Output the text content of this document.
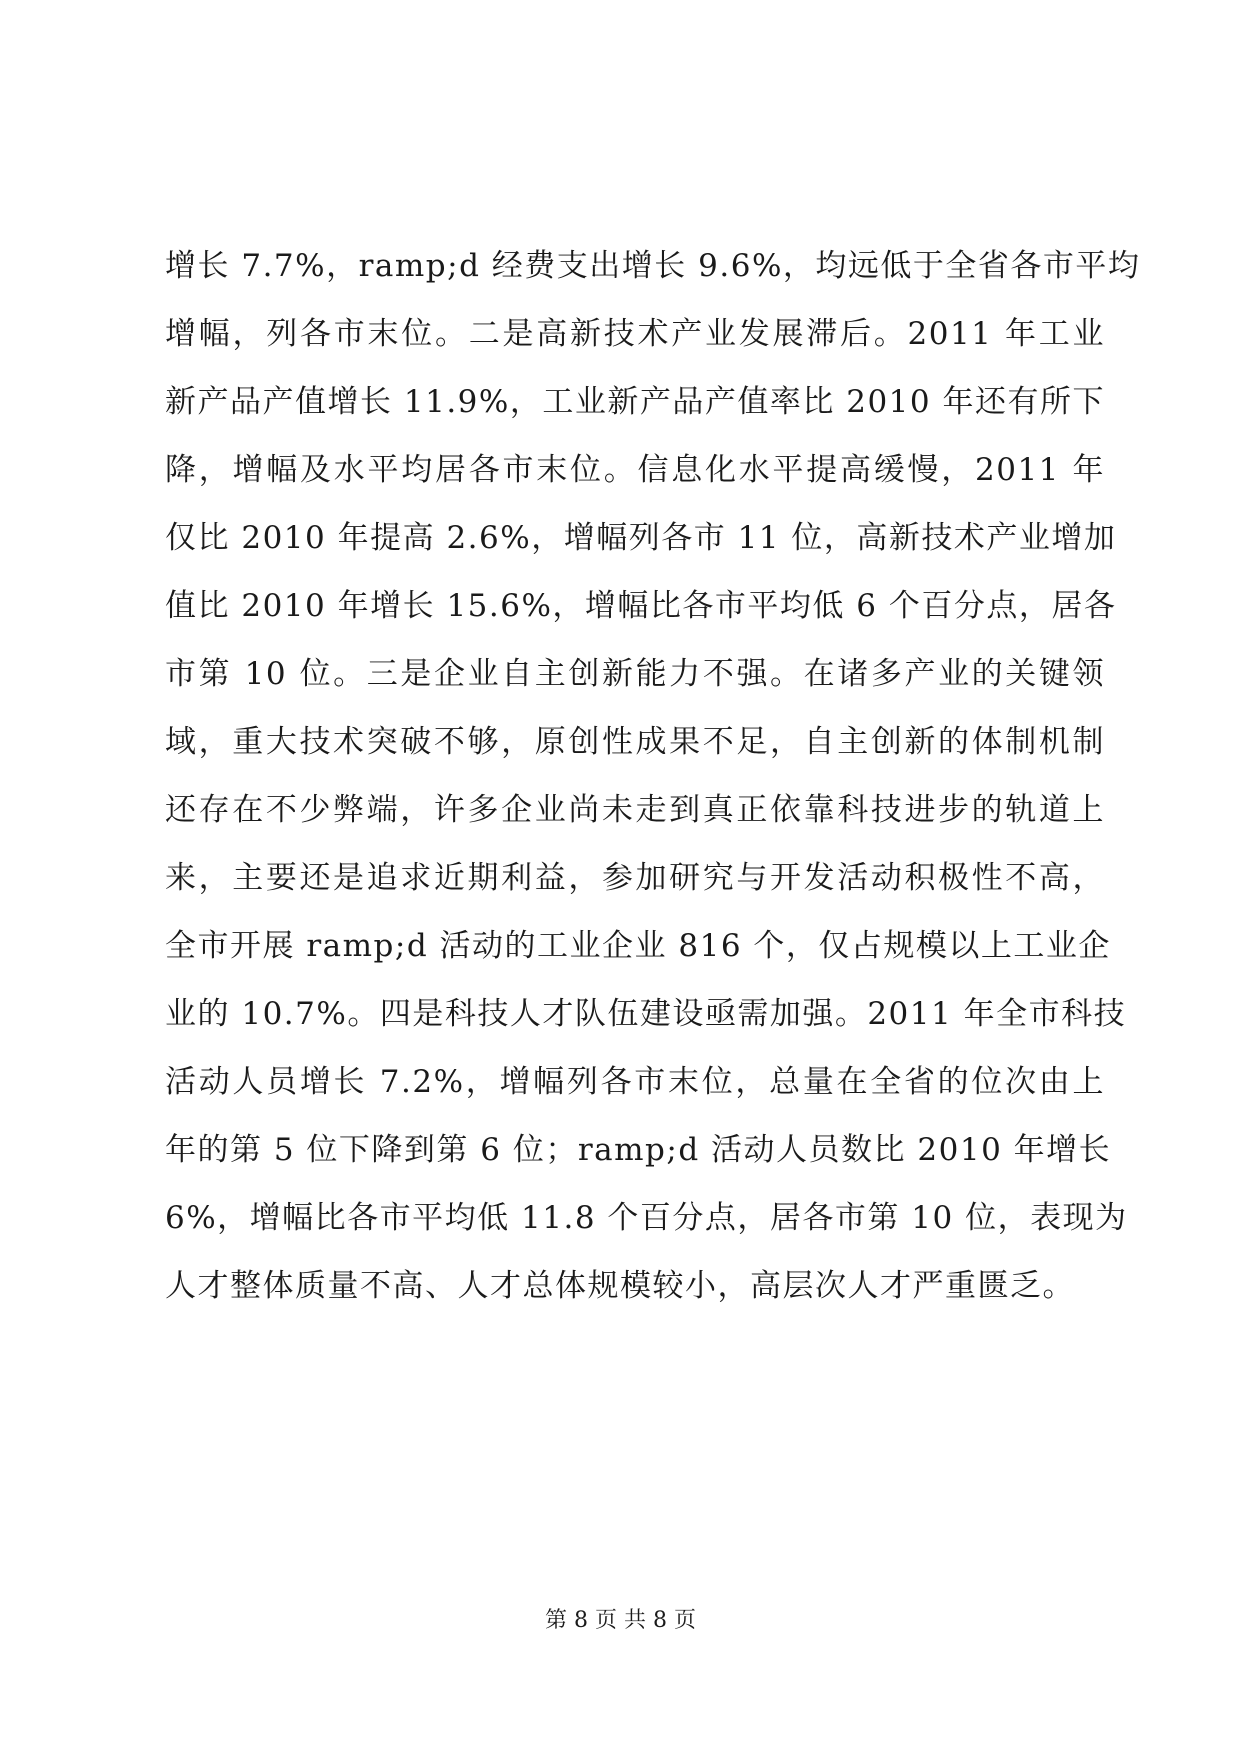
增长 7.7%，ramp;d 经费支出增长 9.6%，均远低于全省各市平均
增幅，列各市末位。二是高新技术产业发展滞后。2011 年工业
新产品产值增长 11.9%，工业新产品产值率比 2010 年还有所下
降，增幅及水平均居各市末位。信息化水平提高缓慢，2011 年
仅比 2010 年提高 2.6%，增幅列各市 11 位，高新技术产业增加
值比 2010 年增长 15.6%，增幅比各市平均低 6 个百分点，居各
市第 10 位。三是企业自主创新能力不强。在诸多产业的关键领
域，重大技术突破不够，原创性成果不足，自主创新的体制机制
还存在不少弊端，许多企业尚未走到真正依靠科技进步的轨道上
来，主要还是追求近期利益，参加研究与开发活动积极性不高，
全市开展 ramp;d 活动的工业企业 816 个，仅占规模以上工业企
业的 10.7%。四是科技人才队伍建设亟需加强。2011 年全市科技
活动人员增长 7.2%，增幅列各市末位，总量在全省的位次由上
年的第 5 位下降到第 6 位；ramp;d 活动人员数比 2010 年增长
6%，增幅比各市平均低 11.8 个百分点，居各市第 10 位，表现为
人才整体质量不高、人才总体规模较小，高层次人才严重匮乏。
第 8 页 共 8 页
